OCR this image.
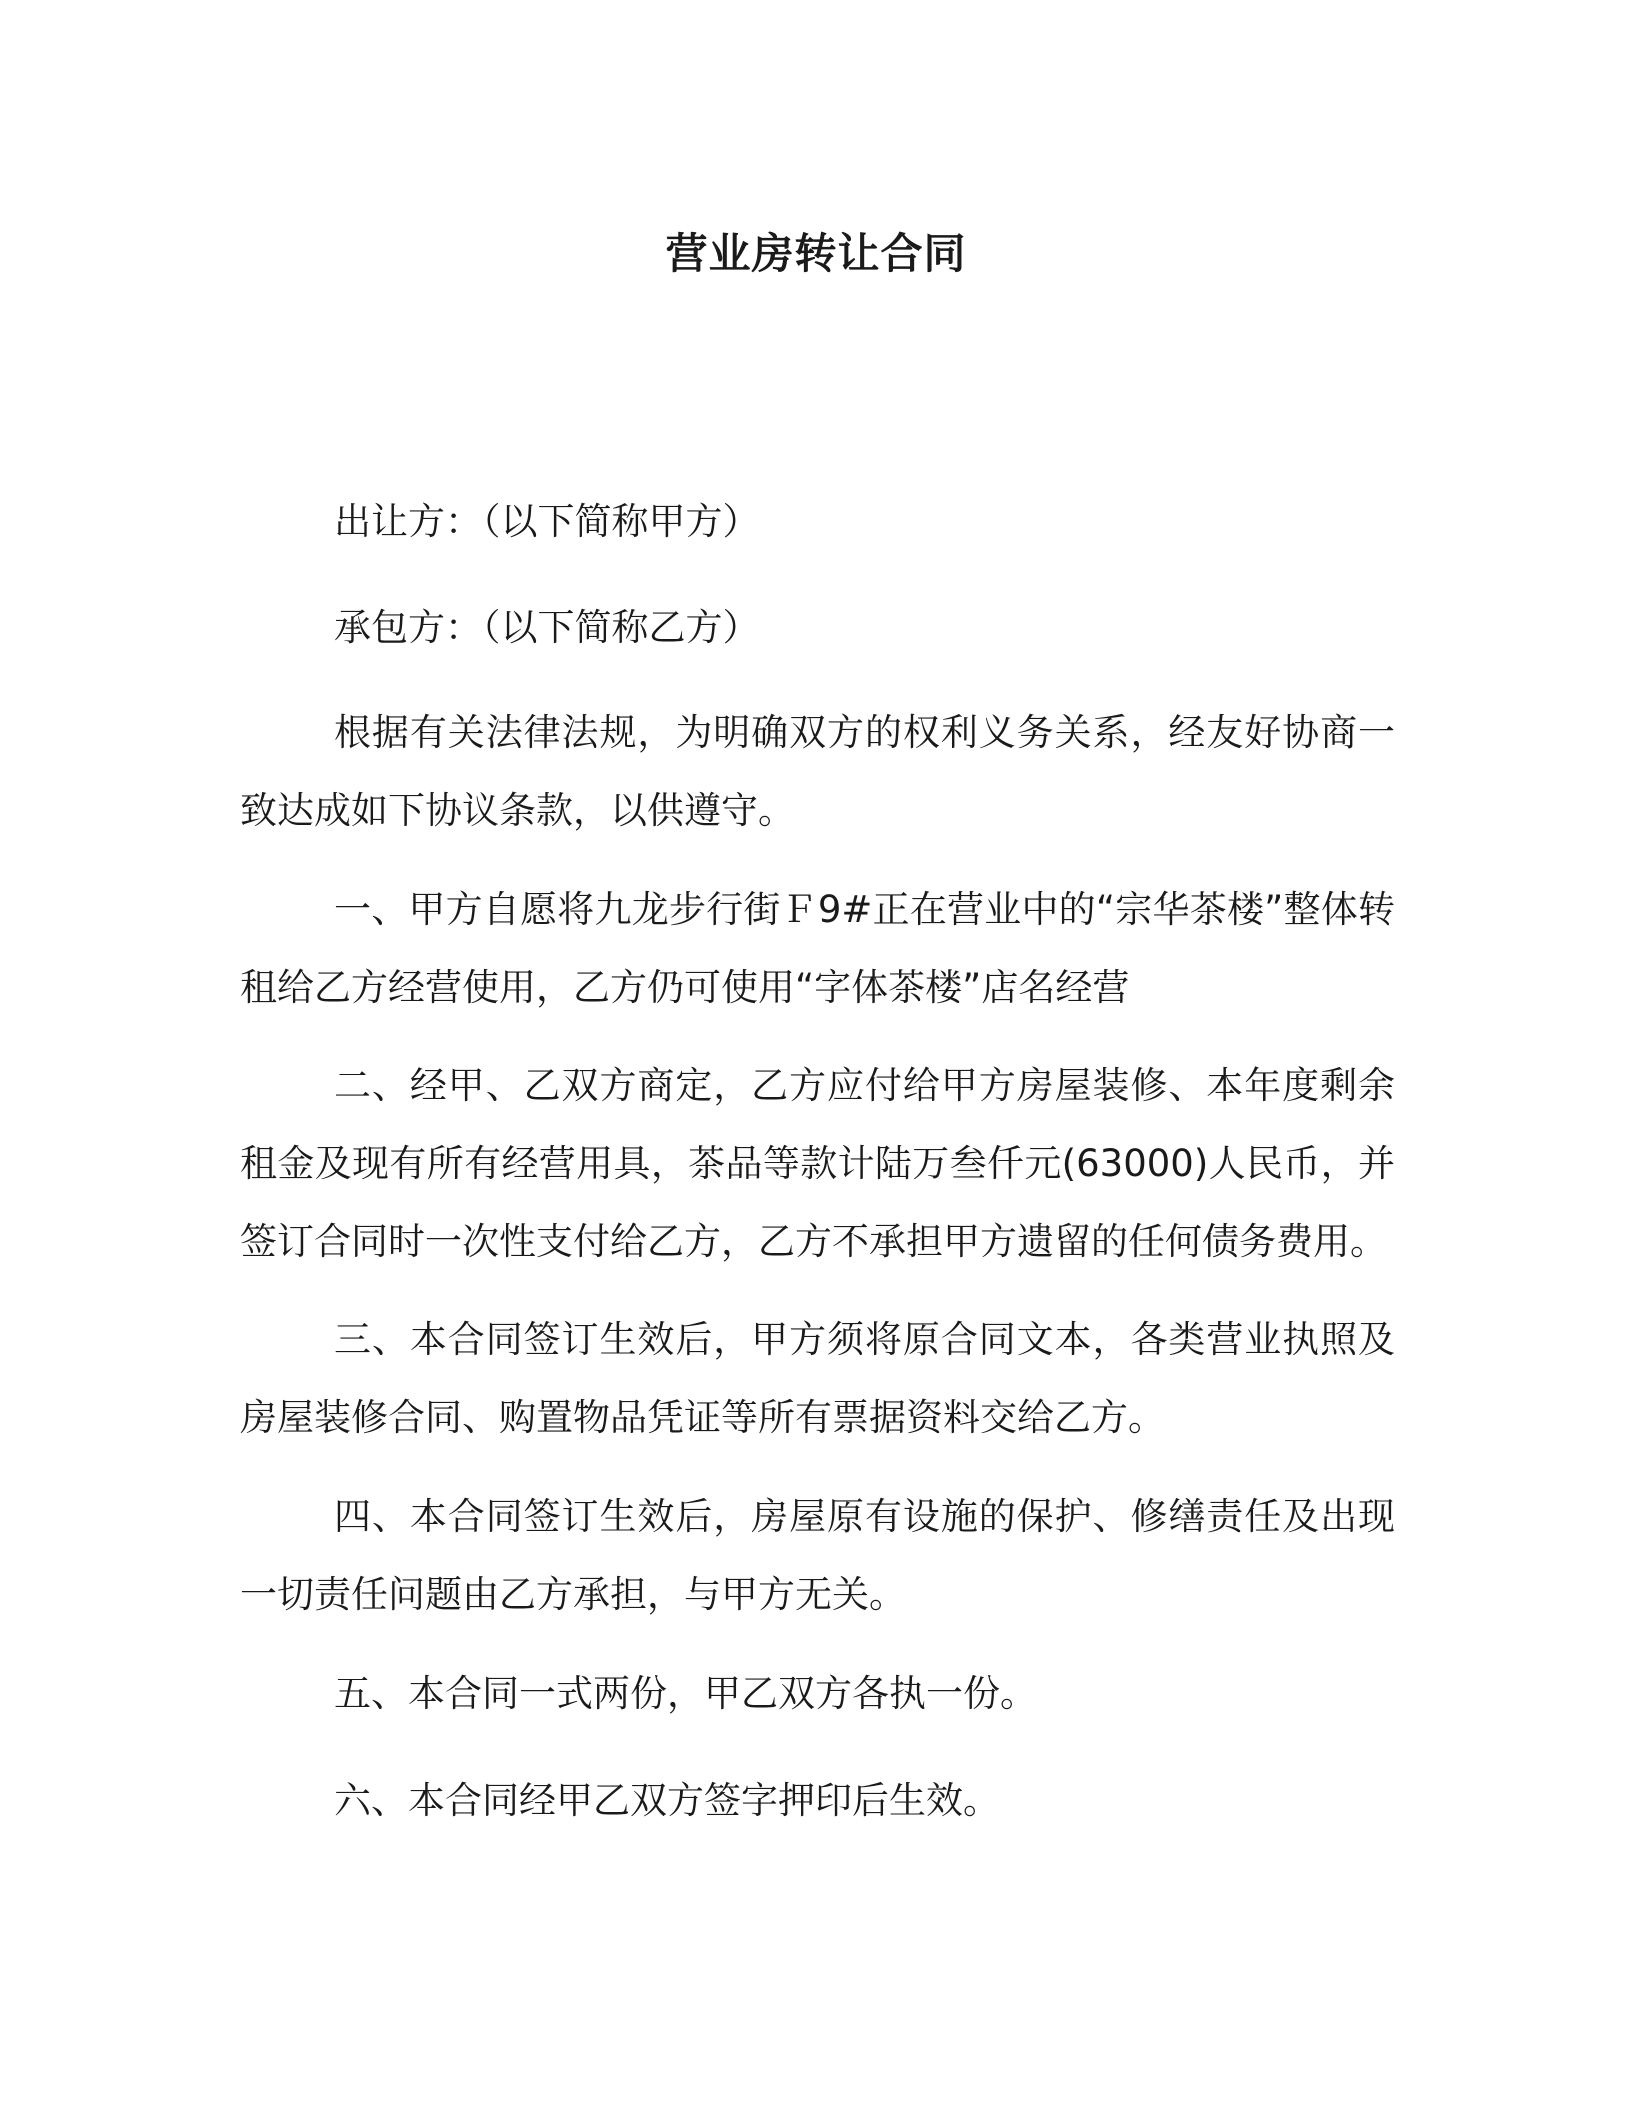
营业房转让合同

出让方：（以下简称甲方）

承包方：（以下简称乙方）

根据有关法律法规，为明确双方的权利义务关系，经友好协商一致达成如下协议条款，以供遵守。

一、甲方自愿将九龙步行街Ｆ9#正在营业中的“宗华茶楼”整体转租给乙方经营使用，乙方仍可使用“字体茶楼”店名经营

二、经甲、乙双方商定，乙方应付给甲方房屋装修、本年度剩余租金及现有所有经营用具，茶品等款计陆万叁仟元(63000)人民币，并签订合同时一次性支付给乙方，乙方不承担甲方遗留的任何债务费用。

三、本合同签订生效后，甲方须将原合同文本，各类营业执照及房屋装修合同、购置物品凭证等所有票据资料交给乙方。

四、本合同签订生效后，房屋原有设施的保护、修缮责任及出现一切责任问题由乙方承担，与甲方无关。

五、本合同一式两份，甲乙双方各执一份。

六、本合同经甲乙双方签字押印后生效。
